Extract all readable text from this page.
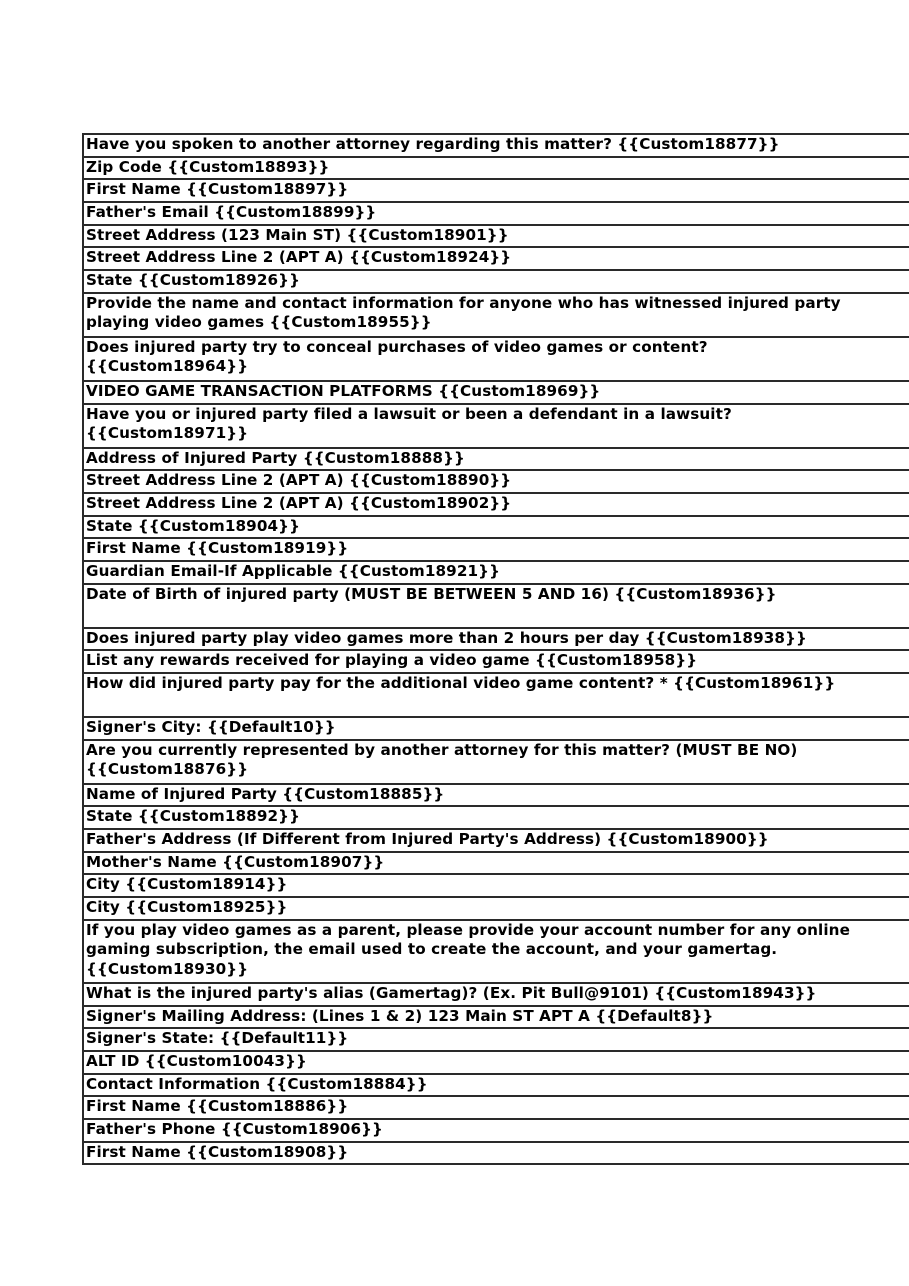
Have you spoken to another attorney regarding this matter? {{Custom18877}}
Zip Code {{Custom18893}}
First Name {{Custom18897}}
Father's Email {{Custom18899}}
Street Address (123 Main ST) {{Custom18901}}
Street Address Line 2 (APT A) {{Custom18924}}
State {{Custom18926}}
Provide the name and contact information for anyone who has witnessed injured party
playing video games {{Custom18955}}
Does injured party try to conceal purchases of video games or content?
{{Custom18964}}
VIDEO GAME TRANSACTION PLATFORMS {{Custom18969}}
Have you or injured party filed a lawsuit or been a defendant in a lawsuit?
{{Custom18971}}
Address of Injured Party {{Custom18888}}
Street Address Line 2 (APT A) {{Custom18890}}
Street Address Line 2 (APT A) {{Custom18902}}
State {{Custom18904}}
First Name {{Custom18919}}
Guardian Email-If Applicable {{Custom18921}}
Date of Birth of injured party (MUST BE BETWEEN 5 AND 16) {{Custom18936}}
Does injured party play video games more than 2 hours per day {{Custom18938}}
List any rewards received for playing a video game {{Custom18958}}
How did injured party pay for the additional video game content? * {{Custom18961}}
Signer's City: {{Default10}}
Are you currently represented by another attorney for this matter? (MUST BE NO)
{{Custom18876}}
Name of Injured Party {{Custom18885}}
State {{Custom18892}}
Father's Address (If Different from Injured Party's Address) {{Custom18900}}
Mother's Name {{Custom18907}}
City {{Custom18914}}
City {{Custom18925}}
If you play video games as a parent, please provide your account number for any online
gaming subscription, the email used to create the account, and your gamertag.
{{Custom18930}}
What is the injured party's alias (Gamertag)? (Ex. Pit Bull@9101) {{Custom18943}}
Signer's Mailing Address: (Lines 1 & 2) 123 Main ST APT A {{Default8}}
Signer's State: {{Default11}}
ALT ID {{Custom10043}}
Contact Information {{Custom18884}}
First Name {{Custom18886}}
Father's Phone {{Custom18906}}
First Name {{Custom18908}}
